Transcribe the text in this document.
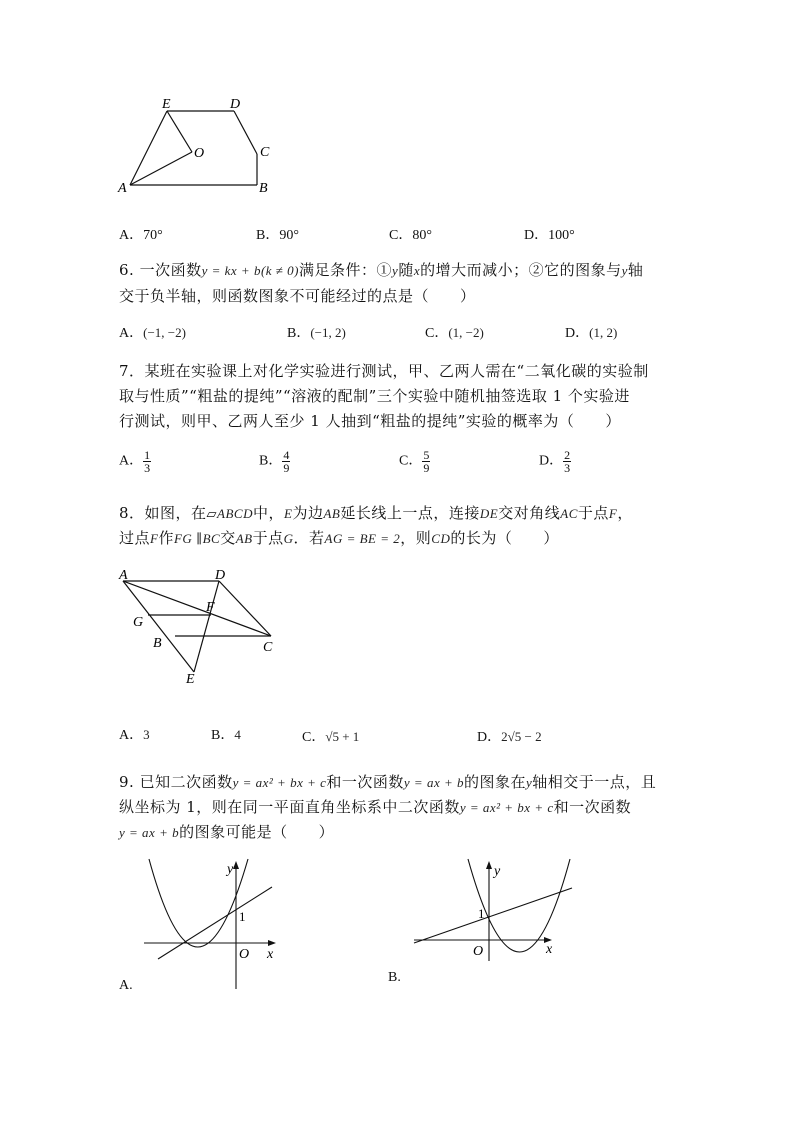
E	D
O	C
A	B
A．70°	B．90°	C．80°	D．100°
6. 一次函数y = kx + b(k ≠ 0)满足条件：①y随x的增大而减小；②它的图象与y轴
交于负半轴，则函数图象不可能经过的点是（　　）
A．(−1, −2)	B．(−1, 2)	C．(1, −2)	D．(1, 2)
7．某班在实验课上对化学实验进行测试，甲、乙两人需在“二氧化碳的实验制
取与性质”“粗盐的提纯”“溶液的配制”三个实验中随机抽签选取 1 个实验进
行测试，则甲、乙两人至少 1 人抽到“粗盐的提纯”实验的概率为（　　）
A． $\frac{1}{3}$	B． $\frac{4}{9}$	C． $\frac{5}{9}$	D． $\frac{2}{3}$
8．如图，在▱ABCD中，E为边AB延长线上一点，连接DE交对角线AC于点F，
过点F作FG ∥BC交AB于点G．若AG = BE = 2，则CD的长为（　　）
A	D
F
G
B	C
E
A．3	B．4	C．√5 + 1	D．2√5 − 2
9. 已知二次函数y = ax² + bx + c和一次函数y = ax + b的图象在y轴相交于一点，且
纵坐标为 1，则在同一平面直角坐标系中二次函数y = ax² + bx + c和一次函数
y = ax + b的图象可能是（　　）
y
x
O
1
A.
y
x
O
1
B.
